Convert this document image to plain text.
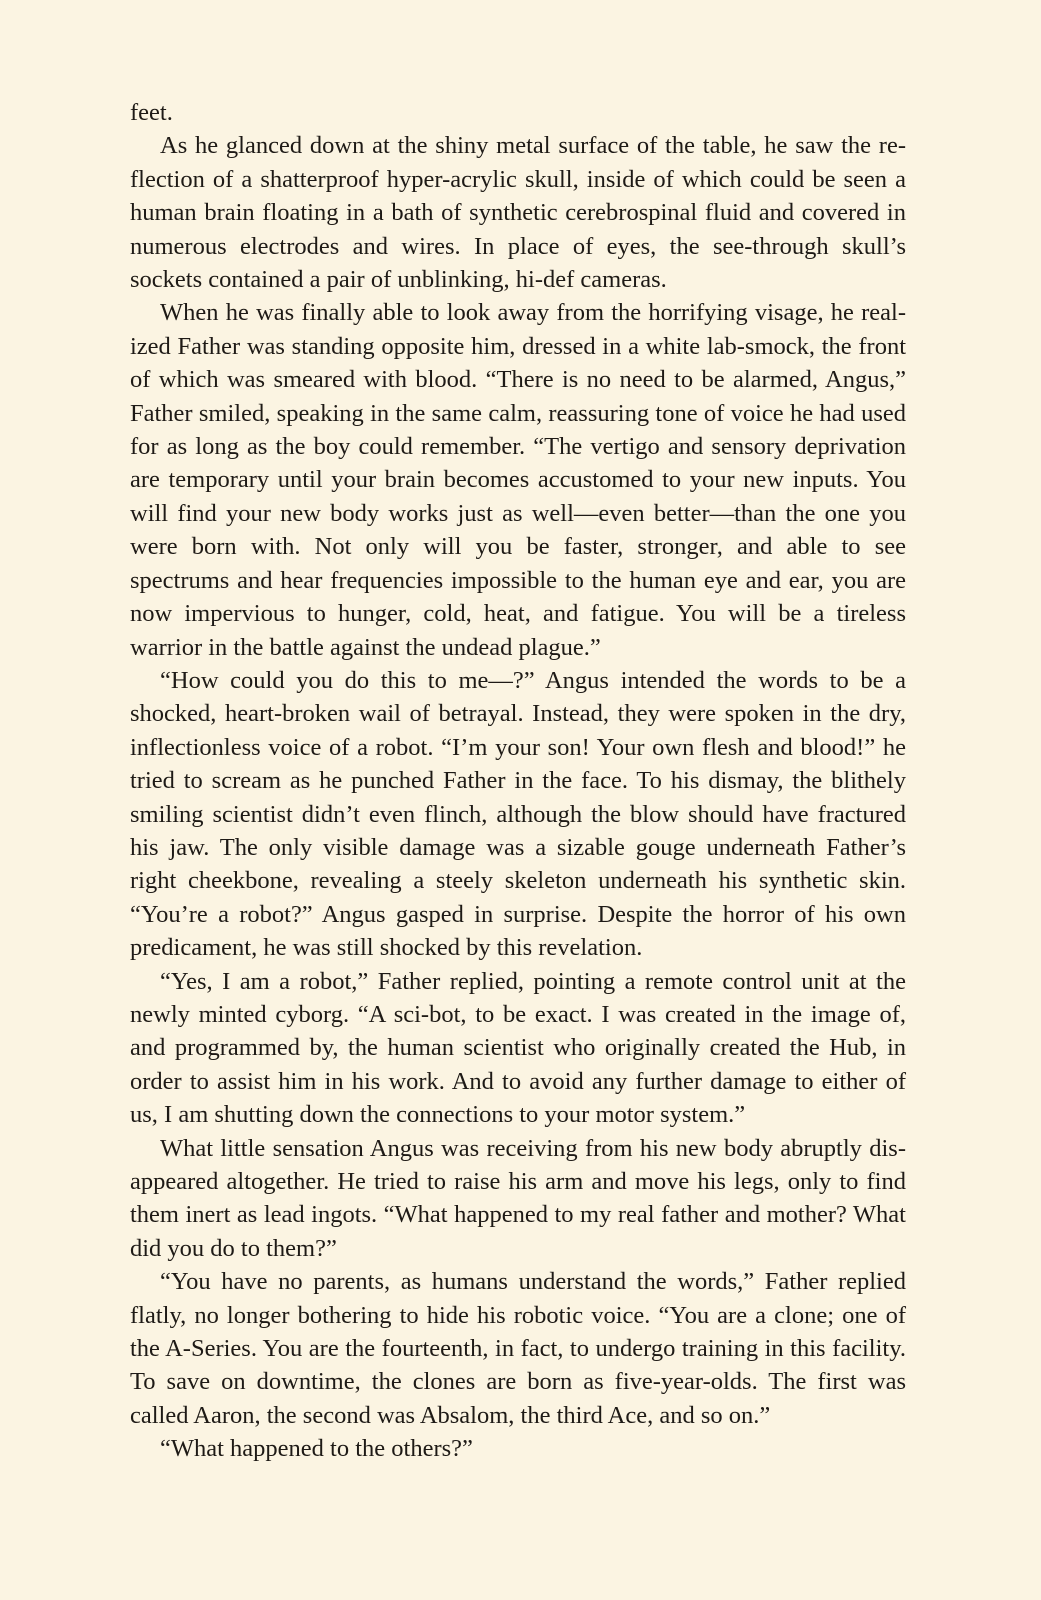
feet.

As he glanced down at the shiny metal surface of the table, he saw the reflection of a shatterproof hyper-acrylic skull, inside of which could be seen a human brain floating in a bath of synthetic cerebrospinal fluid and covered in numerous electrodes and wires. In place of eyes, the see-through skull’s sockets contained a pair of unblinking, hi-def cameras.

When he was finally able to look away from the horrifying visage, he realized Father was standing opposite him, dressed in a white lab-smock, the front of which was smeared with blood. “There is no need to be alarmed, Angus,” Father smiled, speaking in the same calm, reassuring tone of voice he had used for as long as the boy could remember. “The vertigo and sensory deprivation are temporary until your brain becomes accustomed to your new inputs. You will find your new body works just as well—even better—than the one you were born with. Not only will you be faster, stronger, and able to see spectrums and hear frequencies impossible to the human eye and ear, you are now impervious to hunger, cold, heat, and fatigue. You will be a tireless warrior in the battle against the undead plague.”

“How could you do this to me—?” Angus intended the words to be a shocked, heart-broken wail of betrayal. Instead, they were spoken in the dry, inflectionless voice of a robot. “I’m your son! Your own flesh and blood!” he tried to scream as he punched Father in the face. To his dismay, the blithely smiling scientist didn’t even flinch, although the blow should have fractured his jaw. The only visible damage was a sizable gouge underneath Father’s right cheekbone, revealing a steely skeleton underneath his synthetic skin. “You’re a robot?” Angus gasped in surprise. Despite the horror of his own predicament, he was still shocked by this revelation.

“Yes, I am a robot,” Father replied, pointing a remote control unit at the newly minted cyborg. “A sci-bot, to be exact. I was created in the image of, and programmed by, the human scientist who originally created the Hub, in order to assist him in his work. And to avoid any further damage to either of us, I am shutting down the connections to your motor system.”

What little sensation Angus was receiving from his new body abruptly disappeared altogether. He tried to raise his arm and move his legs, only to find them inert as lead ingots. “What happened to my real father and mother? What did you do to them?”

“You have no parents, as humans understand the words,” Father replied flatly, no longer bothering to hide his robotic voice. “You are a clone; one of the A-Series. You are the fourteenth, in fact, to undergo training in this facility. To save on downtime, the clones are born as five-year-olds. The first was called Aaron, the second was Absalom, the third Ace, and so on.”

“What happened to the others?”
